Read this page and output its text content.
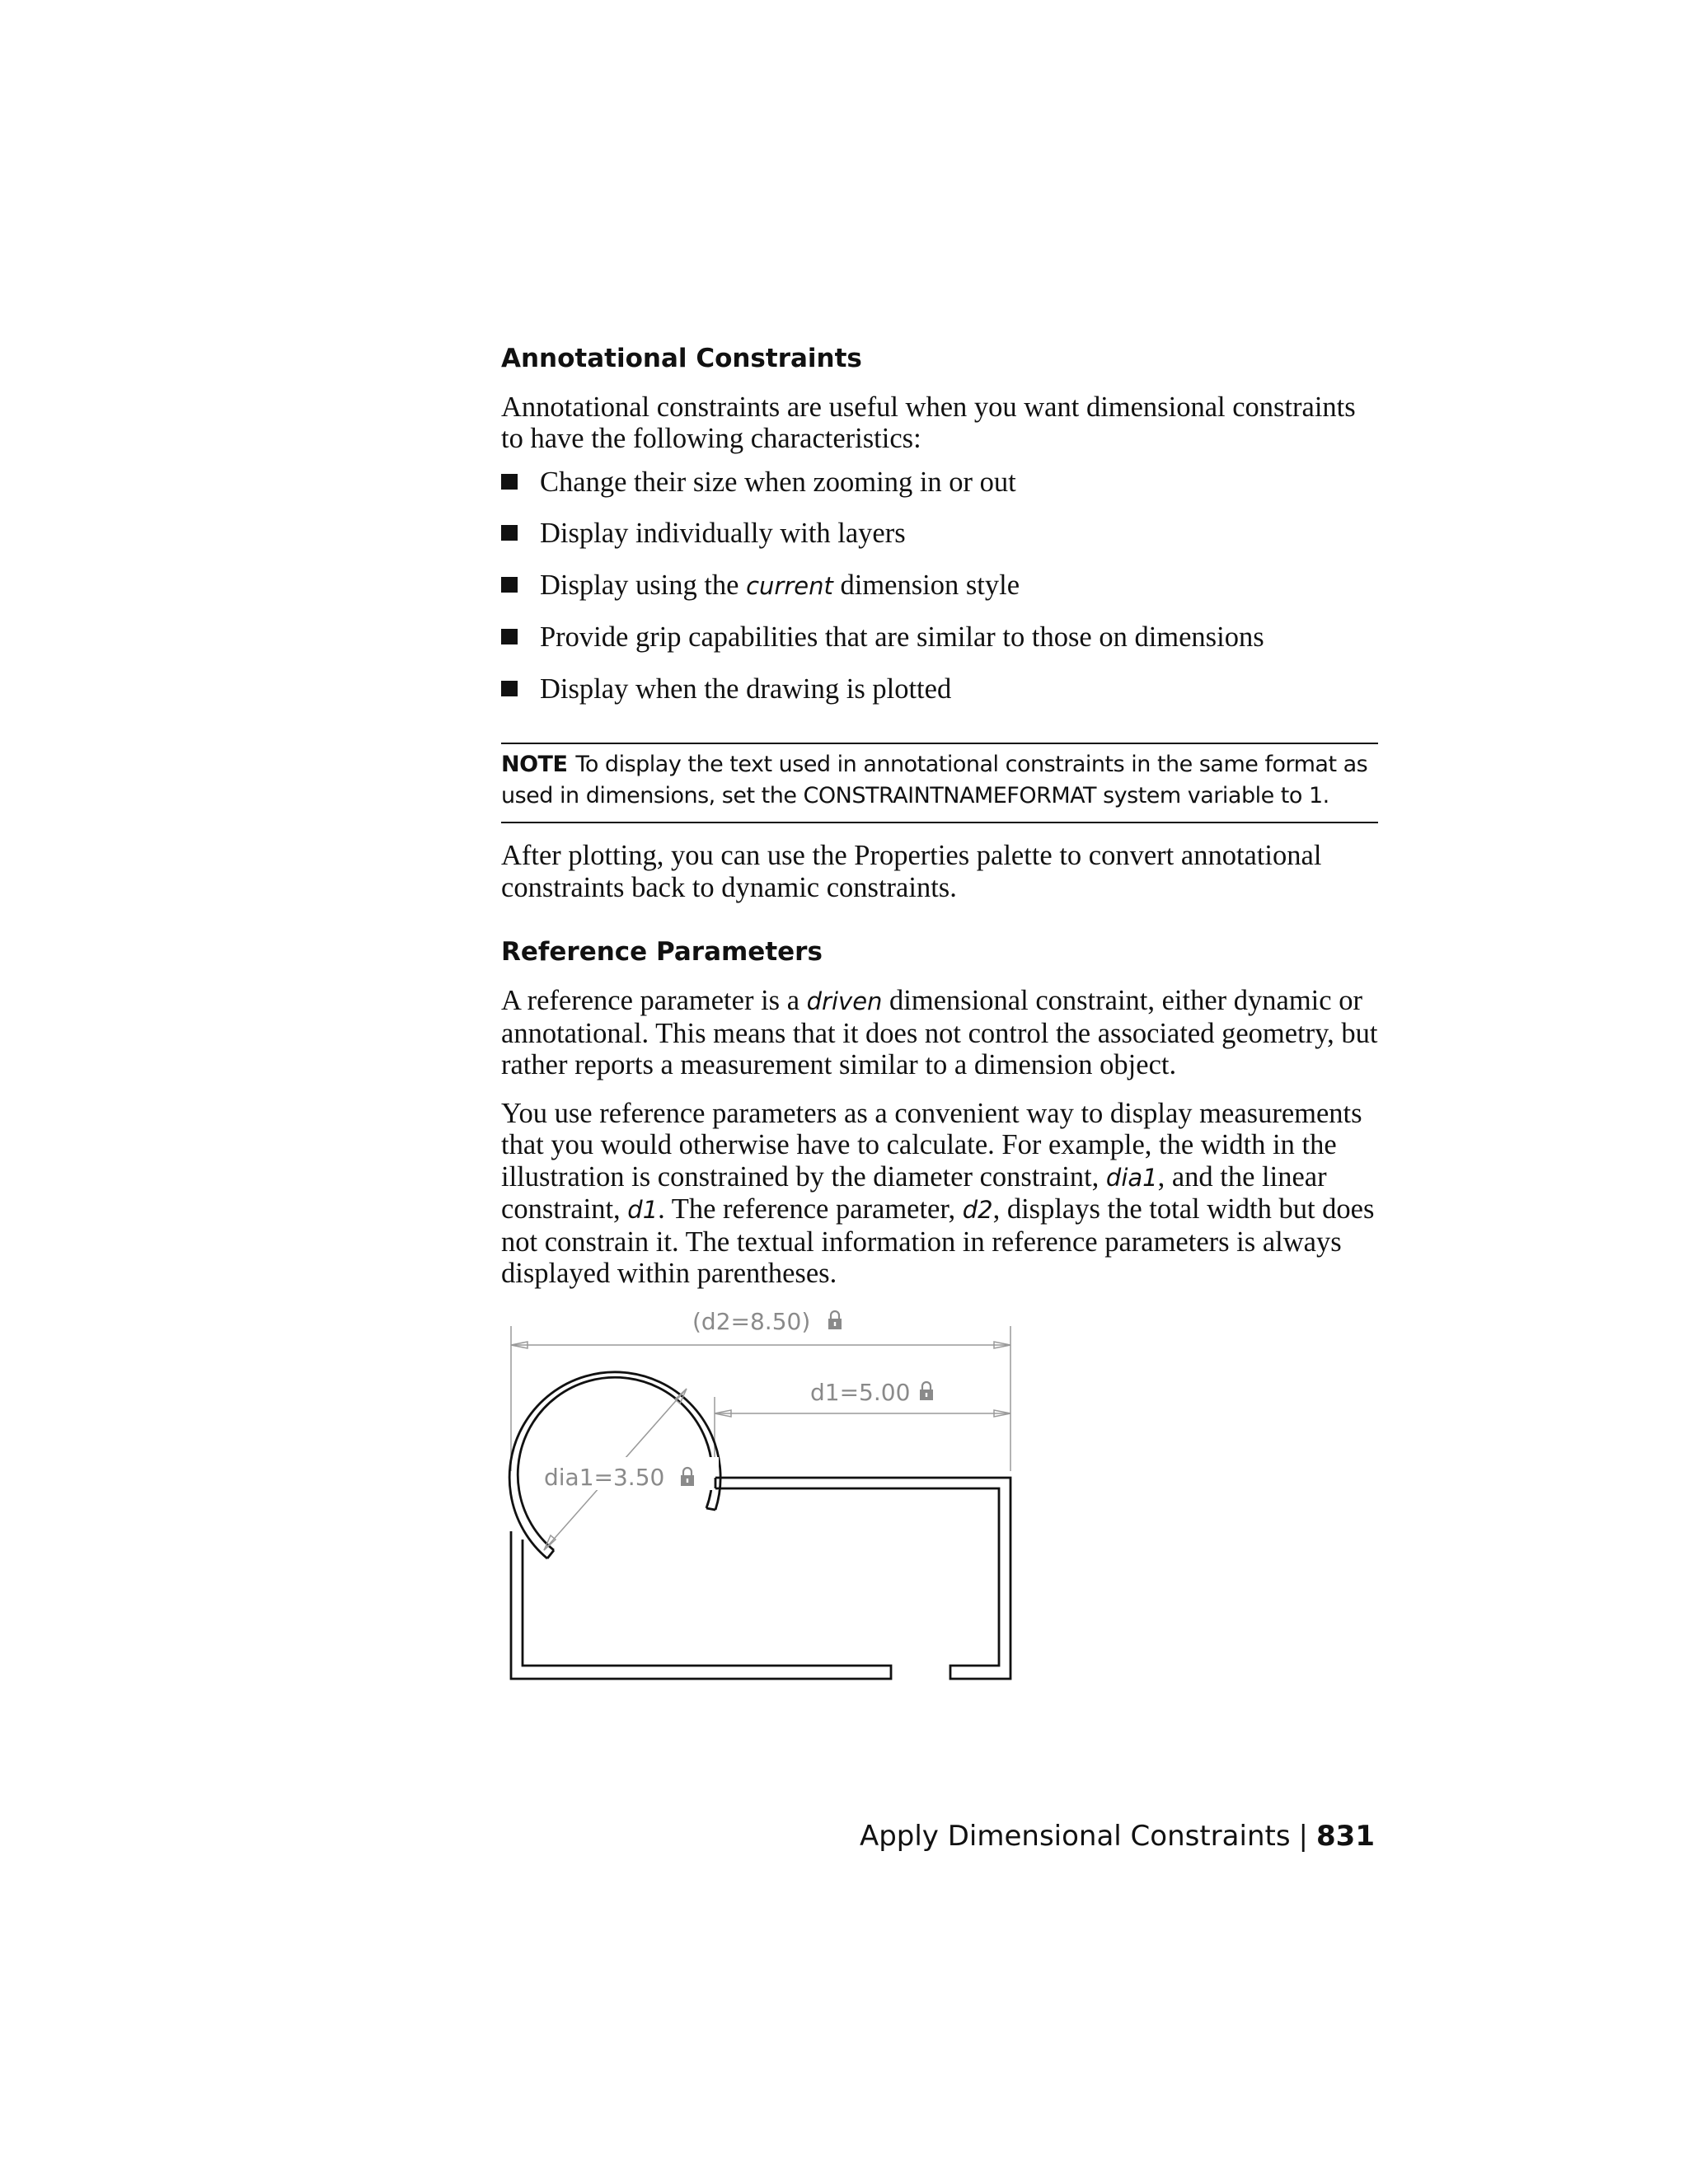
Annotational Constraints

Annotational constraints are useful when you want dimensional constraints to have the following characteristics:

Change their size when zooming in or out
Display individually with layers
Display using the current dimension style
Provide grip capabilities that are similar to those on dimensions
Display when the drawing is plotted
NOTE To display the text used in annotational constraints in the same format as used in dimensions, set the CONSTRAINTNAMEFORMAT system variable to 1.

After plotting, you can use the Properties palette to convert annotational constraints back to dynamic constraints.

Reference Parameters

A reference parameter is a driven dimensional constraint, either dynamic or annotational. This means that it does not control the associated geometry, but rather reports a measurement similar to a dimension object.

You use reference parameters as a convenient way to display measurements that you would otherwise have to calculate. For example, the width in the illustration is constrained by the diameter constraint, dia1, and the linear constraint, d1. The reference parameter, d2, displays the total width but does not constrain it. The textual information in reference parameters is always displayed within parentheses.

(d2=8.50)
d1=5.00
dia1=3.50
Apply Dimensional Constraints | 831
